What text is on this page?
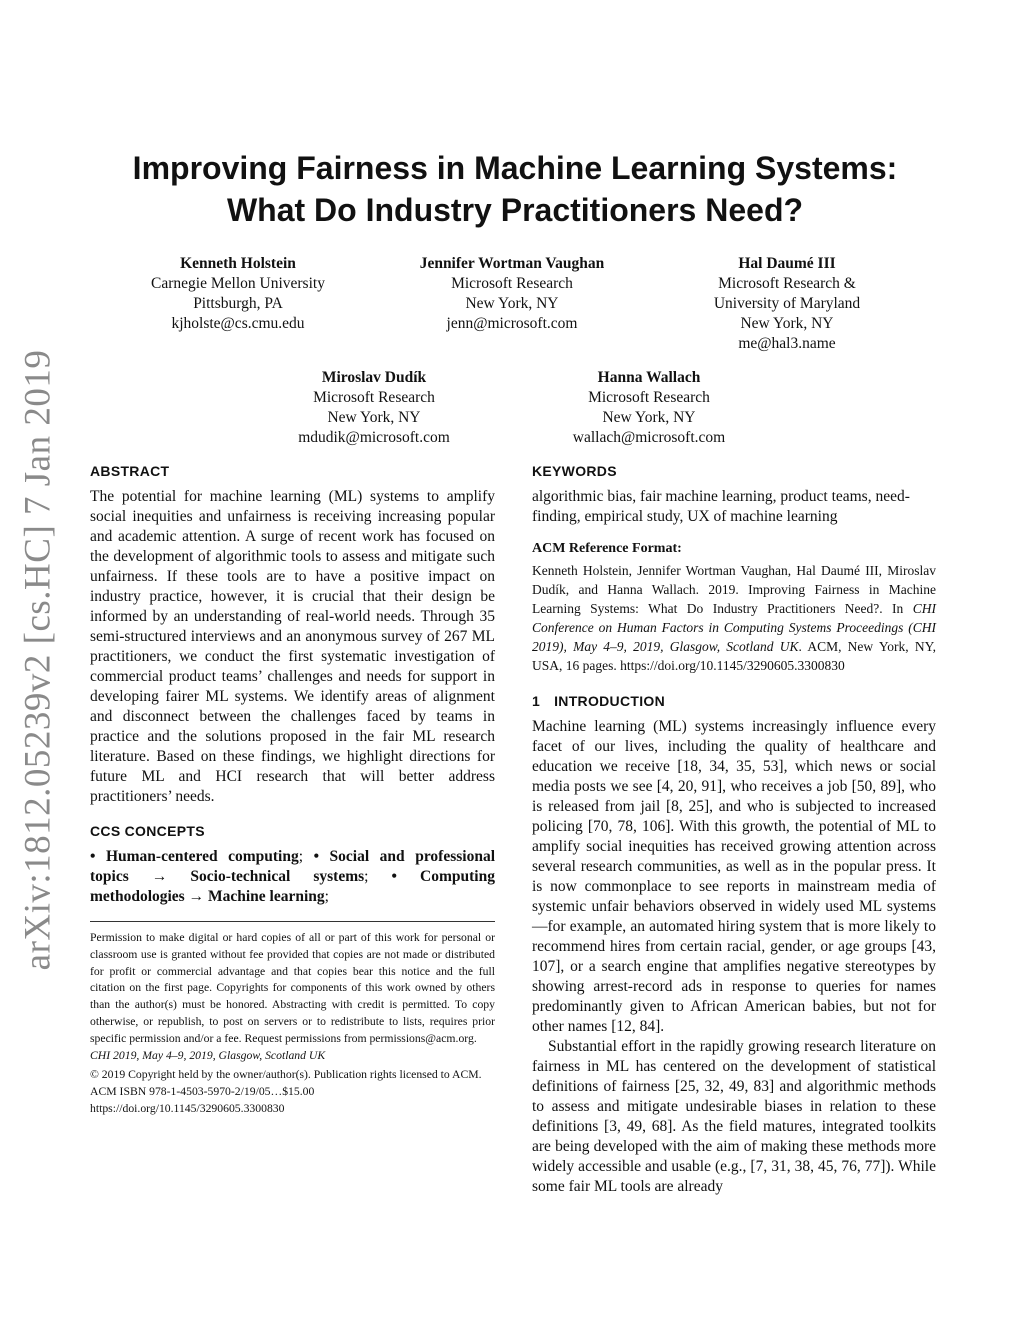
arXiv:1812.05239v2 [cs.HC] 7 Jan 2019
Improving Fairness in Machine Learning Systems:
What Do Industry Practitioners Need?
Kenneth Holstein
Carnegie Mellon University
Pittsburgh, PA
kjholste@cs.cmu.edu
Jennifer Wortman Vaughan
Microsoft Research
New York, NY
jenn@microsoft.com
Hal Daumé III
Microsoft Research &
University of Maryland
New York, NY
me@hal3.name
Miroslav Dudík
Microsoft Research
New York, NY
mdudik@microsoft.com
Hanna Wallach
Microsoft Research
New York, NY
wallach@microsoft.com
ABSTRACT

The potential for machine learning (ML) systems to amplify social inequities and unfairness is receiving increasing popular and academic attention. A surge of recent work has focused on the development of algorithmic tools to assess and mitigate such unfairness. If these tools are to have a positive impact on industry practice, however, it is crucial that their design be informed by an understanding of real-world needs. Through 35 semi-structured interviews and an anonymous survey of 267 ML practitioners, we conduct the first systematic investigation of commercial product teams’ challenges and needs for support in developing fairer ML systems. We identify areas of alignment and disconnect between the challenges faced by teams in practice and the solutions proposed in the fair ML research literature. Based on these findings, we highlight directions for future ML and HCI research that will better address practitioners’ needs.

CCS CONCEPTS

• Human-centered computing; • Social and professional topics → Socio-technical systems; • Computing methodologies → Machine learning;

Permission to make digital or hard copies of all or part of this work for personal or classroom use is granted without fee provided that copies are not made or distributed for profit or commercial advantage and that copies bear this notice and the full citation on the first page. Copyrights for components of this work owned by others than the author(s) must be honored. Abstracting with credit is permitted. To copy otherwise, or republish, to post on servers or to redistribute to lists, requires prior specific permission and/or a fee. Request permissions from permissions@acm.org.

CHI 2019, May 4–9, 2019, Glasgow, Scotland UK

© 2019 Copyright held by the owner/author(s). Publication rights licensed to ACM.

ACM ISBN 978-1-4503-5970-2/19/05…$15.00

https://doi.org/10.1145/3290605.3300830

KEYWORDS

algorithmic bias, fair machine learning, product teams, need-finding, empirical study, UX of machine learning

ACM Reference Format:

Kenneth Holstein, Jennifer Wortman Vaughan, Hal Daumé III, Miroslav Dudík, and Hanna Wallach. 2019. Improving Fairness in Machine Learning Systems: What Do Industry Practitioners Need?. In CHI Conference on Human Factors in Computing Systems Proceedings (CHI 2019), May 4–9, 2019, Glasgow, Scotland UK. ACM, New York, NY, USA, 16 pages. https://doi.org/10.1145/3290605.3300830

1 INTRODUCTION

Machine learning (ML) systems increasingly influence every facet of our lives, including the quality of healthcare and education we receive [18, 34, 35, 53], which news or social media posts we see [4, 20, 91], who receives a job [50, 89], who is released from jail [8, 25], and who is subjected to increased policing [70, 78, 106]. With this growth, the potential of ML to amplify social inequities has received growing attention across several research communities, as well as in the popular press. It is now commonplace to see reports in mainstream media of systemic unfair behaviors observed in widely used ML systems—for example, an automated hiring system that is more likely to recommend hires from certain racial, gender, or age groups [43, 107], or a search engine that amplifies negative stereotypes by showing arrest-record ads in response to queries for names predominantly given to African American babies, but not for other names [12, 84].

Substantial effort in the rapidly growing research literature on fairness in ML has centered on the development of statistical definitions of fairness [25, 32, 49, 83] and algorithmic methods to assess and mitigate undesirable biases in relation to these definitions [3, 49, 68]. As the field matures, integrated toolkits are being developed with the aim of making these methods more widely accessible and usable (e.g., [7, 31, 38, 45, 76, 77]). While some fair ML tools are already
